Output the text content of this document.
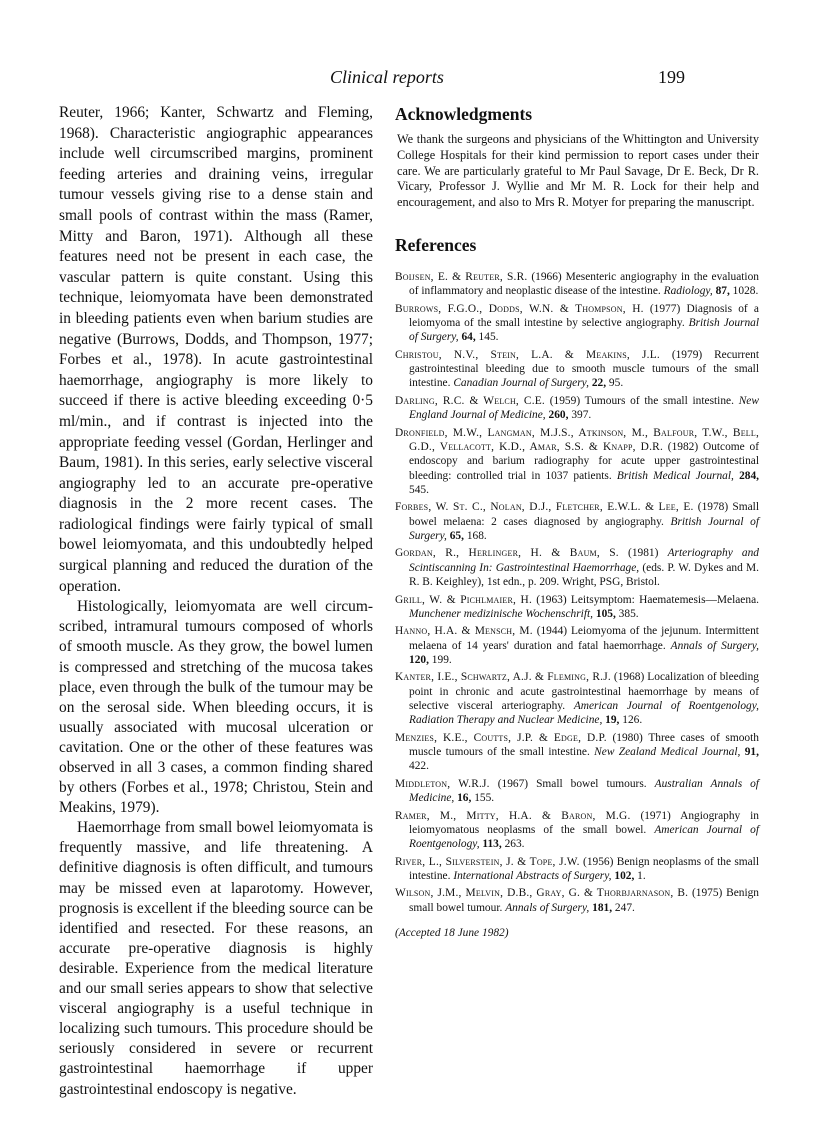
Clinical reports	199

Reuter, 1966; Kanter, Schwartz and Fleming, 1968). Characteristic angiographic appearances include well circumscribed margins, prominent feeding arteries and draining veins, irregular tumour vessels giving rise to a dense stain and small pools of contrast within the mass (Ramer, Mitty and Baron, 1971). Although all these features need not be present in each case, the vascular pattern is quite constant. Using this technique, leiomyomata have been demonstrated in bleeding patients even when barium studies are negative (Burrows, Dodds, and Thompson, 1977; Forbes et al., 1978). In acute gastrointestinal haemorrhage, angiography is more likely to succeed if there is active bleeding exceeding 0·5 ml/min., and if contrast is injected into the appropriate feeding vessel (Gordan, Herlinger and Baum, 1981). In this series, early selective visceral angiography led to an accurate pre-operative diagnosis in the 2 more recent cases. The radiological findings were fairly typical of small bowel leiomyomata, and this undoubtedly helped surgical planning and reduced the duration of the operation.

Histologically, leiomyomata are well circumscribed, intramural tumours composed of whorls of smooth muscle. As they grow, the bowel lumen is compressed and stretching of the mucosa takes place, even through the bulk of the tumour may be on the serosal side. When bleeding occurs, it is usually associated with mucosal ulceration or cavitation. One or the other of these features was observed in all 3 cases, a common finding shared by others (Forbes et al., 1978; Christou, Stein and Meakins, 1979).

Haemorrhage from small bowel leiomyomata is frequently massive, and life threatening. A definitive diagnosis is often difficult, and tumours may be missed even at laparotomy. However, prognosis is excellent if the bleeding source can be identified and resected. For these reasons, an accurate pre-operative diagnosis is highly desirable. Experience from the medical literature and our small series appears to show that selective visceral angiography is a useful technique in localizing such tumours. This procedure should be seriously considered in severe or recurrent gastrointestinal haemorrhage if upper gastrointestinal endoscopy is negative.

Acknowledgments

We thank the surgeons and physicians of the Whittington and University College Hospitals for their kind permission to report cases under their care. We are particularly grateful to Mr Paul Savage, Dr E. Beck, Dr R. Vicary, Professor J. Wyllie and Mr M. R. Lock for their help and encouragement, and also to Mrs R. Motyer for preparing the manuscript.

References
Boijsen, E. & Reuter, S.R. (1966) Mesenteric angiography in the evaluation of inflammatory and neoplastic disease of the intestine. Radiology, 87, 1028.
Burrows, F.G.O., Dodds, W.N. & Thompson, H. (1977) Diagnosis of a leiomyoma of the small intestine by selective angiography. British Journal of Surgery, 64, 145.
Christou, N.V., Stein, L.A. & Meakins, J.L. (1979) Recurrent gastrointestinal bleeding due to smooth muscle tumours of the small intestine. Canadian Journal of Surgery, 22, 95.
Darling, R.C. & Welch, C.E. (1959) Tumours of the small intestine. New England Journal of Medicine, 260, 397.
Dronfield, M.W., Langman, M.J.S., Atkinson, M., Balfour, T.W., Bell, G.D., Vellacott, K.D., Amar, S.S. & Knapp, D.R. (1982) Outcome of endoscopy and barium radiography for acute upper gastrointestinal bleeding: controlled trial in 1037 patients. British Medical Journal, 284, 545.
Forbes, W. St. C., Nolan, D.J., Fletcher, E.W.L. & Lee, E. (1978) Small bowel melaena: 2 cases diagnosed by angiography. British Journal of Surgery, 65, 168.
Gordan, R., Herlinger, H. & Baum, S. (1981) Arteriography and Scintiscanning In: Gastrointestinal Haemorrhage, (eds. P. W. Dykes and M. R. B. Keighley), 1st edn., p. 209. Wright, PSG, Bristol.
Grill, W. & Pichlmaier, H. (1963) Leitsymptom: Haematemesis—Melaena. Munchener medizinische Wochenschrift, 105, 385.
Hanno, H.A. & Mensch, M. (1944) Leiomyoma of the jejunum. Intermittent melaena of 14 years' duration and fatal haemorrhage. Annals of Surgery, 120, 199.
Kanter, I.E., Schwartz, A.J. & Fleming, R.J. (1968) Localization of bleeding point in chronic and acute gastrointestinal haemorrhage by means of selective visceral arteriography. American Journal of Roentgenology, Radiation Therapy and Nuclear Medicine, 19, 126.
Menzies, K.E., Coutts, J.P. & Edge, D.P. (1980) Three cases of smooth muscle tumours of the small intestine. New Zealand Medical Journal, 91, 422.
Middleton, W.R.J. (1967) Small bowel tumours. Australian Annals of Medicine, 16, 155.
Ramer, M., Mitty, H.A. & Baron, M.G. (1971) Angiography in leiomyomatous neoplasms of the small bowel. American Journal of Roentgenology, 113, 263.
River, L., Silverstein, J. & Tope, J.W. (1956) Benign neoplasms of the small intestine. International Abstracts of Surgery, 102, 1.
Wilson, J.M., Melvin, D.B., Gray, G. & Thorbjarnason, B. (1975) Benign small bowel tumour. Annals of Surgery, 181, 247.

(Accepted 18 June 1982)
